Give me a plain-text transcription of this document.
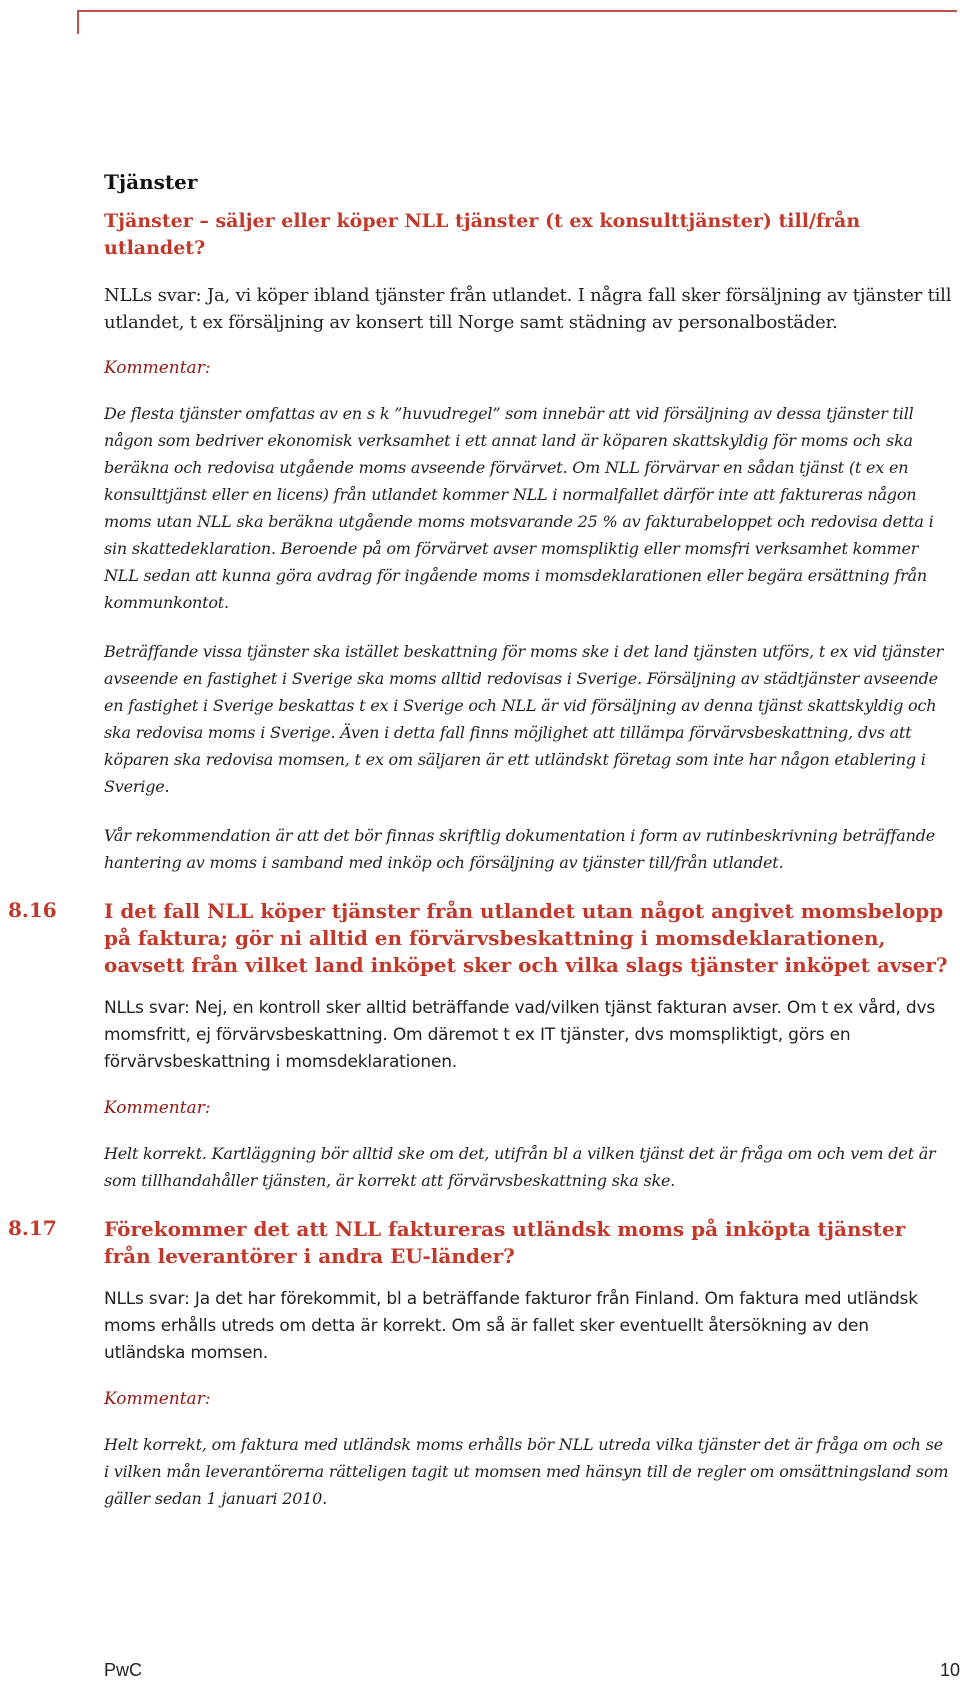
Tjänster
Tjänster – säljer eller köper NLL tjänster (t ex konsulttjänster) till/från utlandet?

NLLs svar: Ja, vi köper ibland tjänster från utlandet. I några fall sker försäljning av tjänster till utlandet, t ex försäljning av konsert till Norge samt städning av personalbostäder.

Kommentar:

De flesta tjänster omfattas av en s k ”huvudregel” som innebär att vid försäljning av dessa tjänster till någon som bedriver ekonomisk verksamhet i ett annat land är köparen skattskyldig för moms och ska beräkna och redovisa utgående moms avseende förvärvet. Om NLL förvärvar en sådan tjänst (t ex en konsulttjänst eller en licens) från utlandet kommer NLL i normalfallet därför inte att faktureras någon moms utan NLL ska beräkna utgående moms motsvarande 25 % av fakturabeloppet och redovisa detta i sin skattedeklaration. Beroende på om förvärvet avser momspliktig eller momsfri verksamhet kommer NLL sedan att kunna göra avdrag för ingående moms i momsdeklarationen eller begära ersättning från kommunkontot.

Beträffande vissa tjänster ska istället beskattning för moms ske i det land tjänsten utförs, t ex vid tjänster avseende en fastighet i Sverige ska moms alltid redovisas i Sverige. Försäljning av städtjänster avseende en fastighet i Sverige beskattas t ex i Sverige och NLL är vid försäljning av denna tjänst skattskyldig och ska redovisa moms i Sverige. Även i detta fall finns möjlighet att tillämpa förvärvsbeskattning, dvs att köparen ska redovisa momsen, t ex om säljaren är ett utländskt företag som inte har någon etablering i Sverige.

Vår rekommendation är att det bör finnas skriftlig dokumentation i form av rutinbeskrivning beträffande hantering av moms i samband med inköp och försäljning av tjänster till/från utlandet.

8.16 I det fall NLL köper tjänster från utlandet utan något angivet momsbelopp på faktura; gör ni alltid en förvärvsbeskattning i momsdeklarationen, oavsett från vilket land inköpet sker och vilka slags tjänster inköpet avser?

NLLs svar: Nej, en kontroll sker alltid beträffande vad/vilken tjänst fakturan avser. Om t ex vård, dvs momsfritt, ej förvärvsbeskattning. Om däremot t ex IT tjänster, dvs momspliktigt, görs en förvärvsbeskattning i momsdeklarationen.

Kommentar:

Helt korrekt. Kartläggning bör alltid ske om det, utifrån bl a vilken tjänst det är fråga om och vem det är som tillhandahåller tjänsten, är korrekt att förvärvsbeskattning ska ske.

8.17 Förekommer det att NLL faktureras utländsk moms på inköpta tjänster från leverantörer i andra EU-länder?

NLLs svar: Ja det har förekommit, bl a beträffande fakturor från Finland. Om faktura med utländsk moms erhålls utreds om detta är korrekt. Om så är fallet sker eventuellt återsökning av den utländska momsen.

Kommentar:

Helt korrekt, om faktura med utländsk moms erhålls bör NLL utreda vilka tjänster det är fråga om och se i vilken mån leverantörerna rätteligen tagit ut momsen med hänsyn till de regler om omsättningsland som gäller sedan 1 januari 2010.

PwC	10
